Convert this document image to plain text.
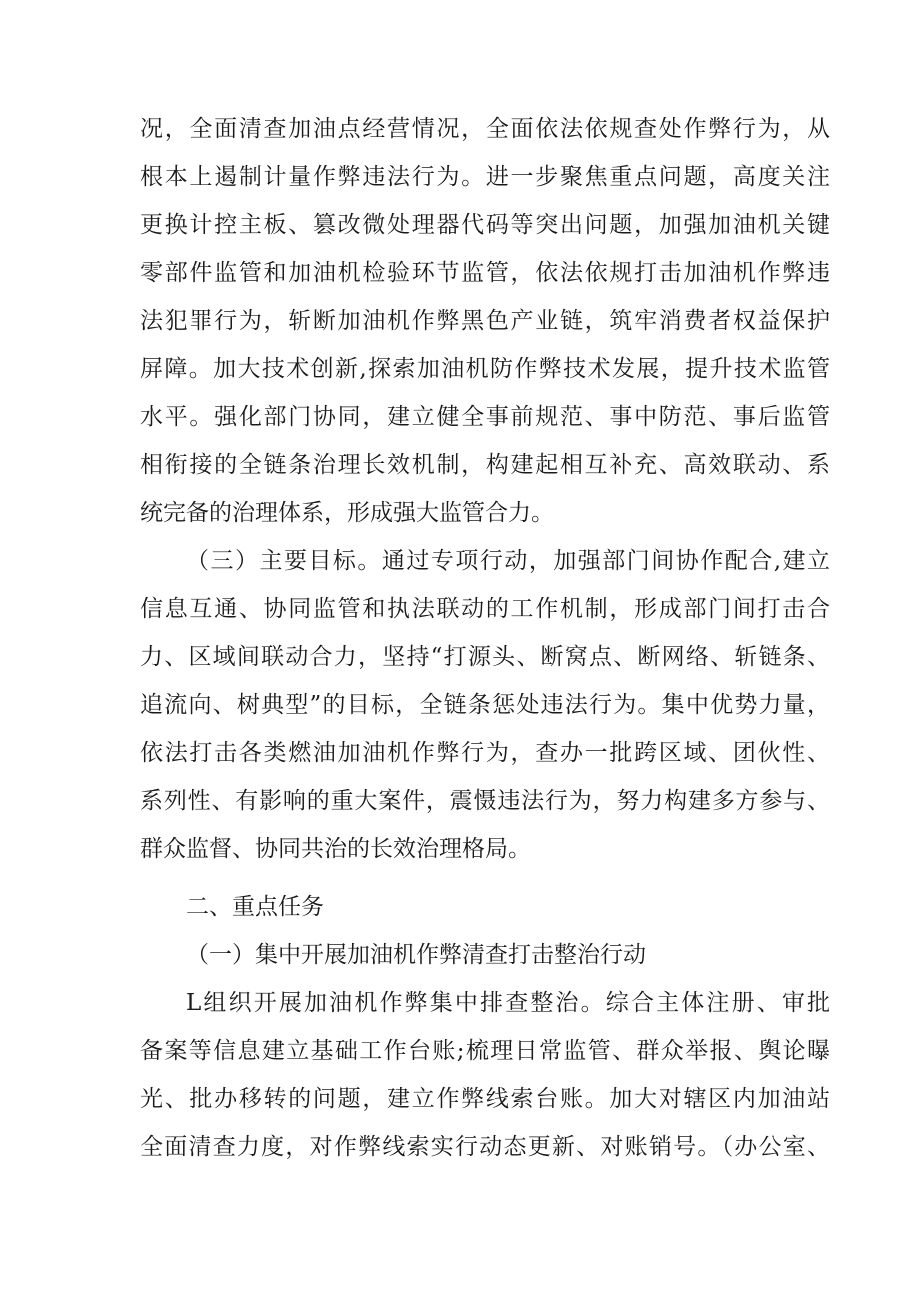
况，全面清查加油点经营情况，全面依法依规查处作弊行为，从
根本上遏制计量作弊违法行为。进一步聚焦重点问题，高度关注
更换计控主板、篡改微处理器代码等突出问题，加强加油机关键
零部件监管和加油机检验环节监管，依法依规打击加油机作弊违
法犯罪行为，斩断加油机作弊黑色产业链，筑牢消费者权益保护
屏障。加大技术创新,探索加油机防作弊技术发展，提升技术监管
水平。强化部门协同，建立健全事前规范、事中防范、事后监管
相衔接的全链条治理长效机制，构建起相互补充、高效联动、系
统完备的治理体系，形成强大监管合力。
（三）主要目标。通过专项行动，加强部门间协作配合,建立
信息互通、协同监管和执法联动的工作机制，形成部门间打击合
力、区域间联动合力，坚持“打源头、断窝点、断网络、斩链条、
追流向、树典型”的目标，全链条惩处违法行为。集中优势力量，
依法打击各类燃油加油机作弊行为，查办一批跨区域、团伙性、
系列性、有影响的重大案件，震慑违法行为，努力构建多方参与、
群众监督、协同共治的长效治理格局。
二、重点任务
（一）集中开展加油机作弊清查打击整治行动
L组织开展加油机作弊集中排查整治。综合主体注册、审批
备案等信息建立基础工作台账;梳理日常监管、群众举报、舆论曝
光、批办移转的问题，建立作弊线索台账。加大对辖区内加油站
全面清查力度，对作弊线索实行动态更新、对账销号。（办公室、
